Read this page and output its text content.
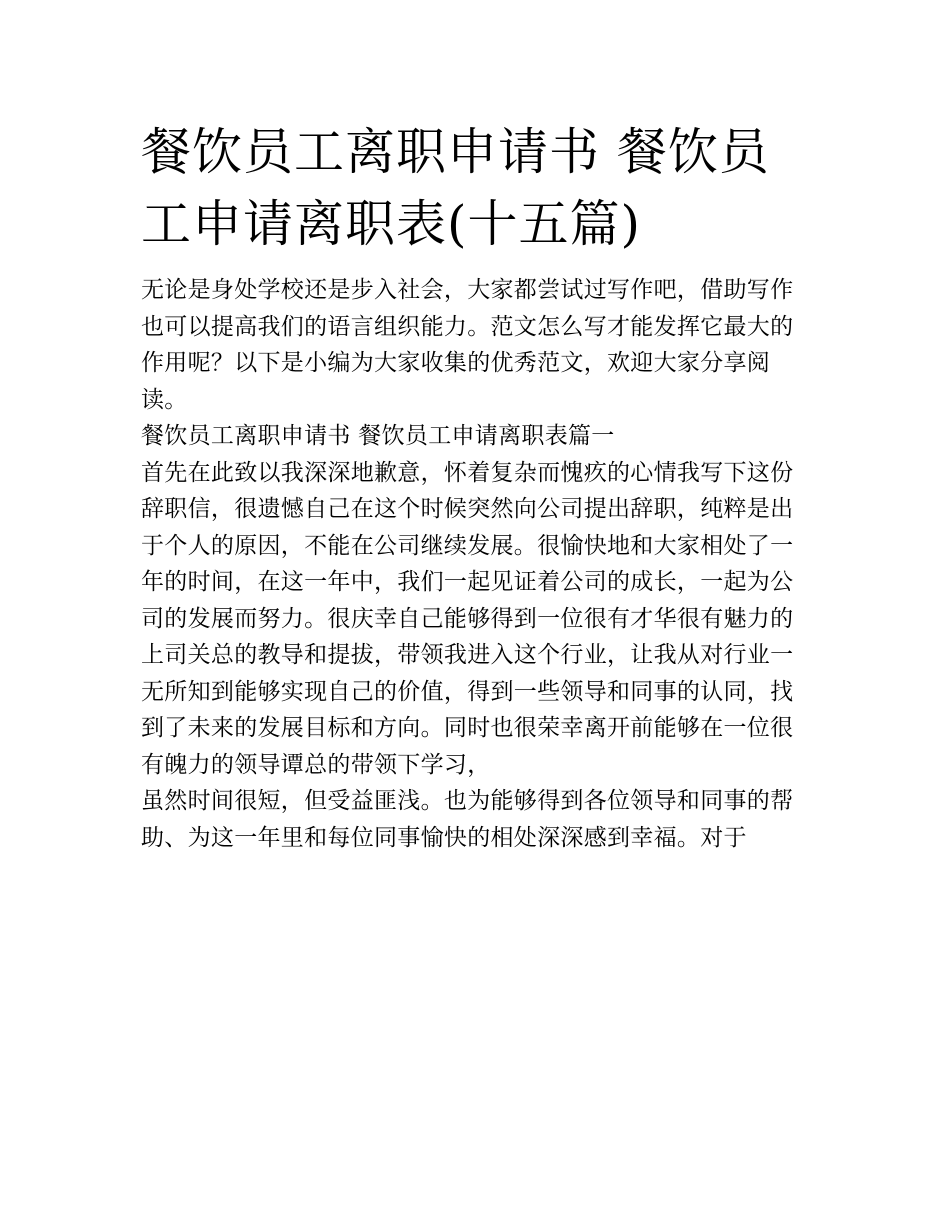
餐饮员工离职申请书 餐饮员工申请离职表(十五篇)

无论是身处学校还是步入社会，大家都尝试过写作吧，借助写作也可以提高我们的语言组织能力。范文怎么写才能发挥它最大的作用呢？以下是小编为大家收集的优秀范文，欢迎大家分享阅读。

餐饮员工离职申请书 餐饮员工申请离职表篇一

首先在此致以我深深地歉意，怀着复杂而愧疚的心情我写下这份辞职信，很遗憾自己在这个时候突然向公司提出辞职，纯粹是出于个人的原因，不能在公司继续发展。很愉快地和大家相处了一年的时间，在这一年中，我们一起见证着公司的成长，一起为公司的发展而努力。很庆幸自己能够得到一位很有才华很有魅力的上司关总的教导和提拔，带领我进入这个行业，让我从对行业一无所知到能够实现自己的价值，得到一些领导和同事的认同，找到了未来的发展目标和方向。同时也很荣幸离开前能够在一位很有魄力的领导谭总的带领下学习，

虽然时间很短，但受益匪浅。也为能够得到各位领导和同事的帮助、为这一年里和每位同事愉快的相处深深感到幸福。对于
